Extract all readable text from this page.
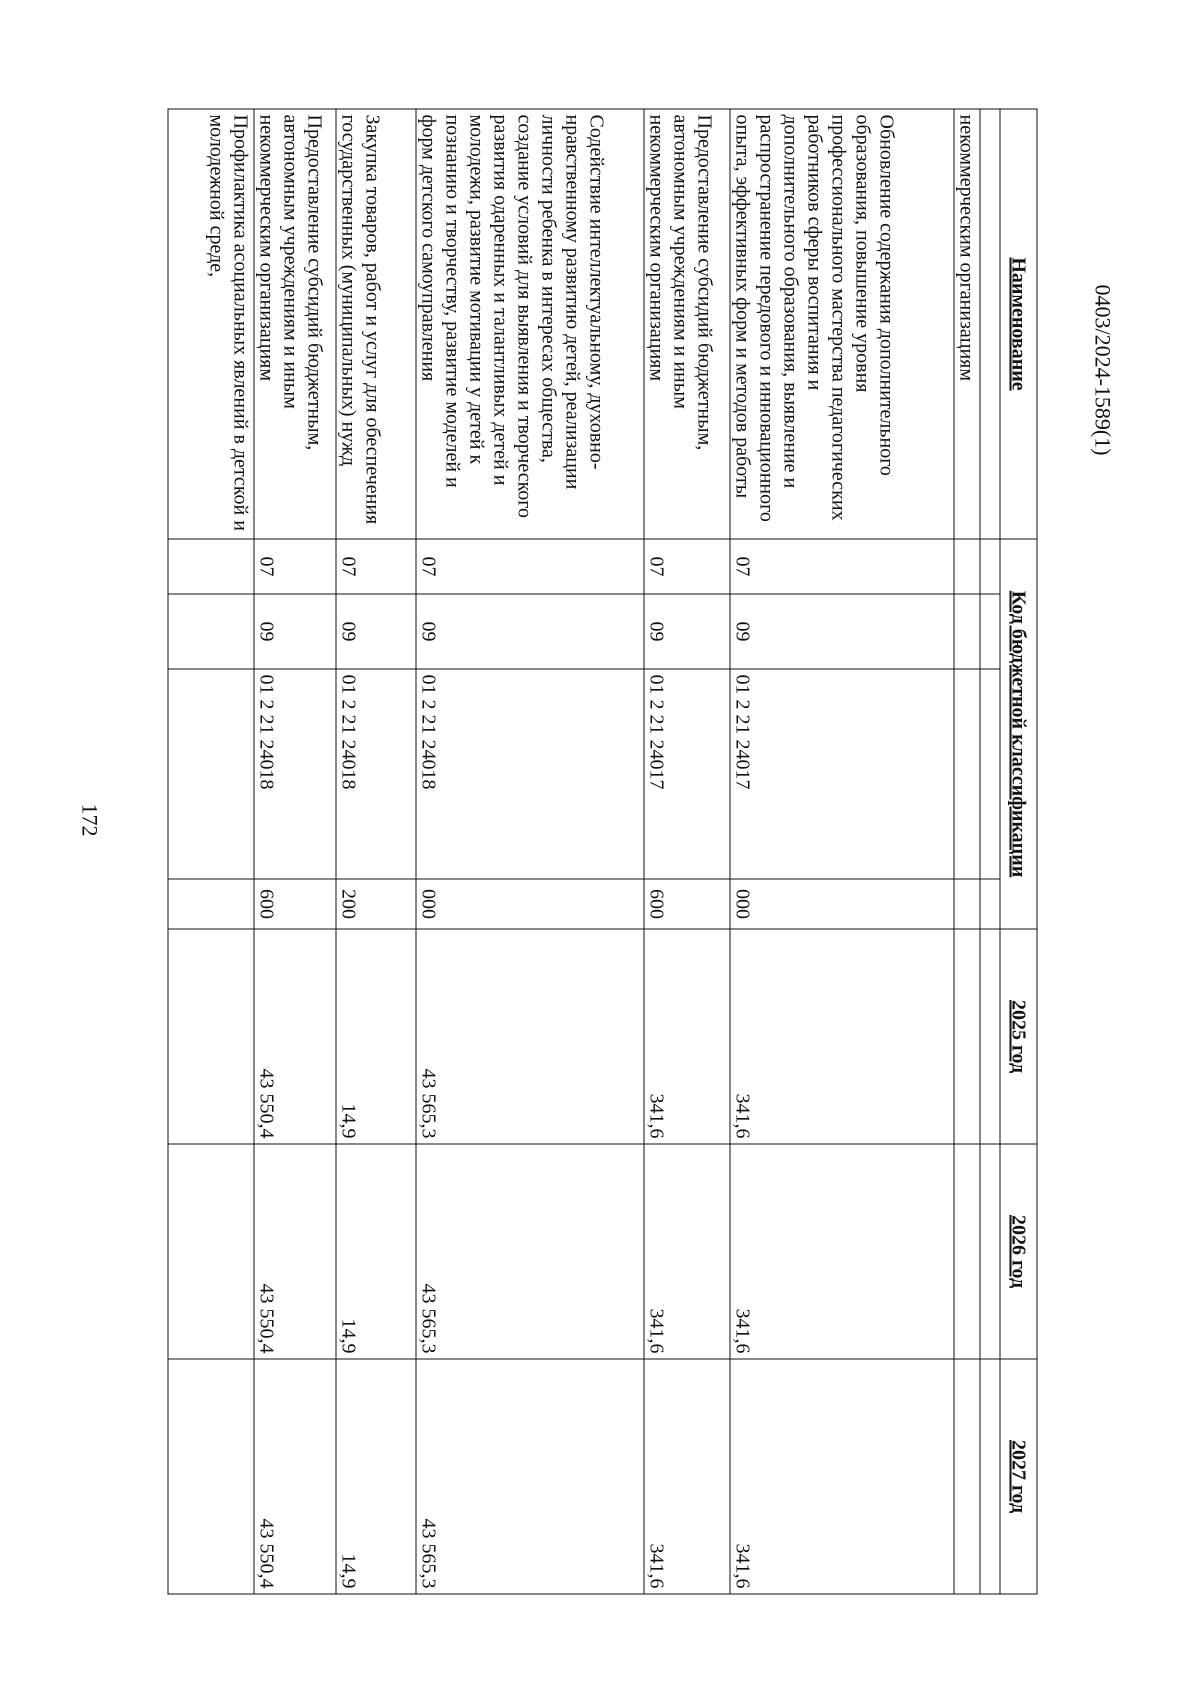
172
0403/2024-1589(1)
Наименование	Код бюджетной классификации				2025 год	2026 год	2027 год

некоммерческим организациям							
Обновление содержания дополнительного образования, повышение уровня профессионального мастерства педагогических работников сферы воспитания и дополнительного образования, выявление и распространение передового и инновационного опыта, эффективных форм и методов работы	07	09	01 2 21 24017	000	341,6	341,6	341,6
Предоставление субсидий бюджетным, автономным учреждениям и иным некоммерческим организациям	07	09	01 2 21 24017	600	341,6	341,6	341,6
Содействие интеллектуальному, духовно-нравственному развитию детей, реализации личности ребенка в интересах общества, создание условий для выявления и творческого развития одаренных и талантливых детей и молодежи, развитие мотивации у детей к познанию и творчеству, развитие моделей и форм детского самоуправления	07	09	01 2 21 24018	000	43 565,3	43 565,3	43 565,3
Закупка товаров, работ и услуг для обеспечения государственных (муниципальных) нужд	07	09	01 2 21 24018	200	14,9	14,9	14,9
Предоставление субсидий бюджетным, автономным учреждениям и иным некоммерческим организациям	07	09	01 2 21 24018	600	43 550,4	43 550,4	43 550,4
Профилактика асоциальных явлений в детской и молодежной среде,							
